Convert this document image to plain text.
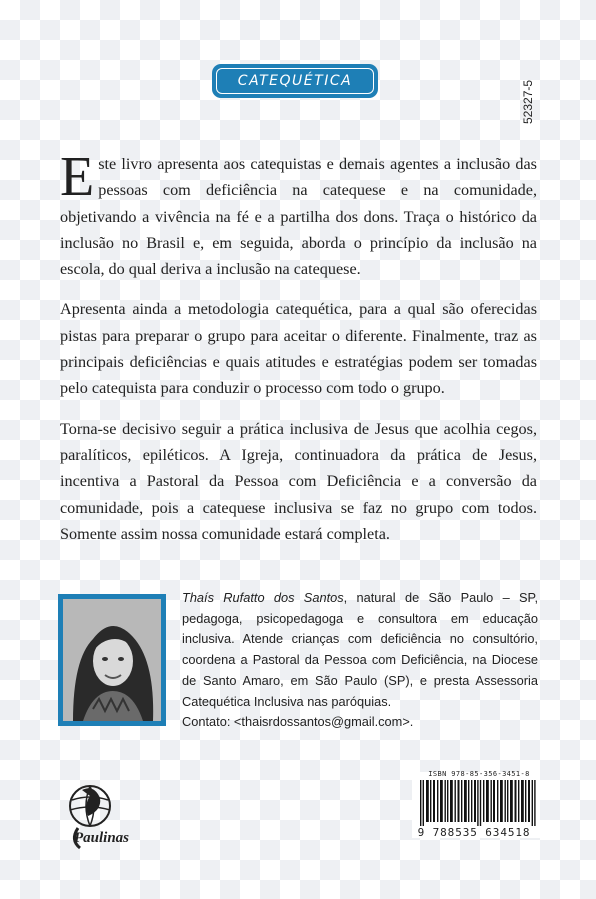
CATEQUÉTICA	52327-5

Este livro apresenta aos catequistas e demais agentes a inclusão das pessoas com deficiência na catequese e na comunidade, objetivando a vivência na fé e a partilha dos dons. Traça o histórico da inclusão no Brasil e, em seguida, aborda o princípio da inclusão na escola, do qual deriva a inclusão na catequese.

Apresenta ainda a metodologia catequética, para a qual são oferecidas pistas para preparar o grupo para aceitar o diferente. Finalmente, traz as principais deficiências e quais atitudes e estratégias podem ser tomadas pelo catequista para conduzir o processo com todo o grupo.

Torna-se decisivo seguir a prática inclusiva de Jesus que acolhia cegos, paralíticos, epiléticos. A Igreja, continuadora da prática de Jesus, incentiva a Pastoral da Pessoa com Deficiência e a conversão da comunidade, pois a catequese inclusiva se faz no grupo com todos. Somente assim nossa comunidade estará completa.

Thaís Rufatto dos Santos, natural de São Paulo – SP, pedagoga, psicopedagoga e consultora em educação inclusiva. Atende crianças com deficiência no consultório, coordena a Pastoral da Pessoa com Deficiência, na Diocese de Santo Amaro, em São Paulo (SP), e presta Assessoria Catequética Inclusiva nas paróquias.

Contato: <thaisrdossantos@gmail.com>.

Paulinas
ISBN 978-85-356-3451-8
9 788535 634518
